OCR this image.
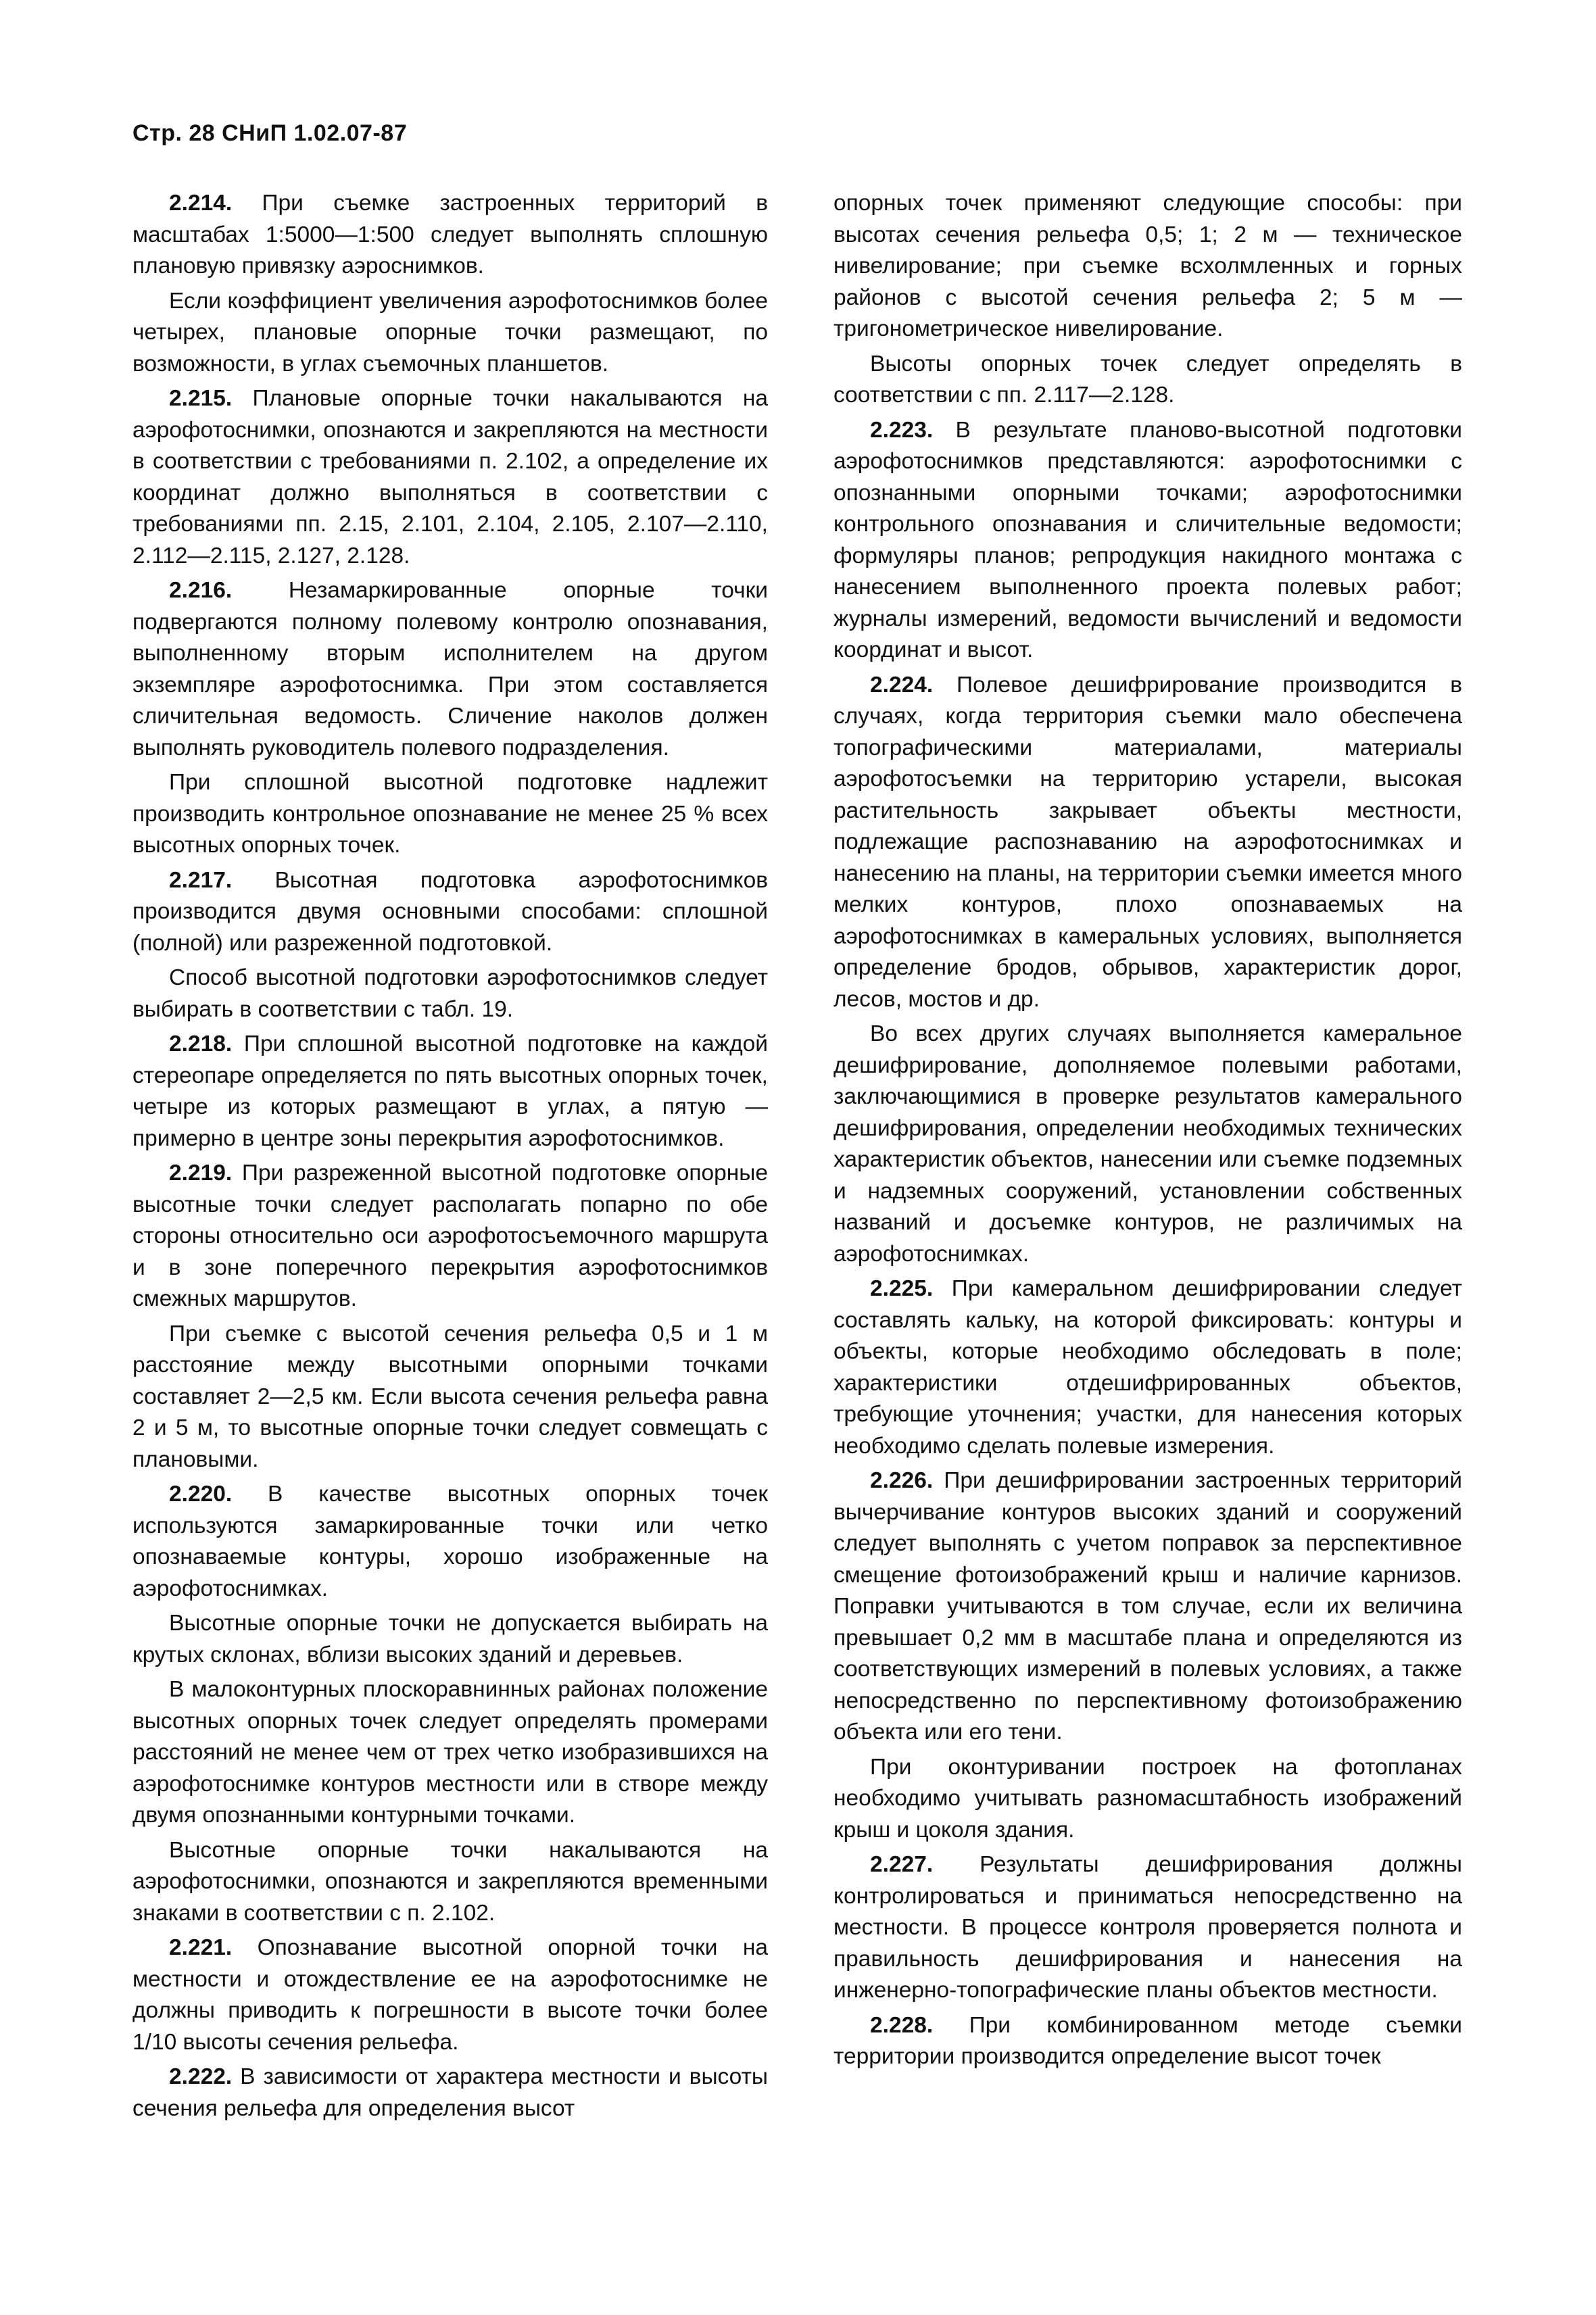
Стр. 28 СНиП 1.02.07-87

2.214. При съемке застроенных территорий в масштабах 1:5000—1:500 следует выполнять сплошную плановую привязку аэроснимков.

Если коэффициент увеличения аэрофотоснимков более четырех, плановые опорные точки размещают, по возможности, в углах съемочных планшетов.

2.215. Плановые опорные точки накалываются на аэрофотоснимки, опознаются и закрепляются на местности в соответствии с требованиями п. 2.102, а определение их координат должно выполняться в соответствии с требованиями пп. 2.15, 2.101, 2.104, 2.105, 2.107—2.110, 2.112—2.115, 2.127, 2.128.

2.216. Незамаркированные опорные точки подвергаются полному полевому контролю опознавания, выполненному вторым исполнителем на другом экземпляре аэрофотоснимка. При этом составляется сличительная ведомость. Сличение наколов должен выполнять руководитель полевого подразделения.

При сплошной высотной подготовке надлежит производить контрольное опознавание не менее 25 % всех высотных опорных точек.

2.217. Высотная подготовка аэрофотоснимков производится двумя основными способами: сплошной (полной) или разреженной подготовкой.

Способ высотной подготовки аэрофотоснимков следует выбирать в соответствии с табл. 19.

2.218. При сплошной высотной подготовке на каждой стереопаре определяется по пять высотных опорных точек, четыре из которых размещают в углах, а пятую — примерно в центре зоны перекрытия аэрофотоснимков.

2.219. При разреженной высотной подготовке опорные высотные точки следует располагать попарно по обе стороны относительно оси аэрофотосъемочного маршрута и в зоне поперечного перекрытия аэрофотоснимков смежных маршрутов.

При съемке с высотой сечения рельефа 0,5 и 1 м расстояние между высотными опорными точками составляет 2—2,5 км. Если высота сечения рельефа равна 2 и 5 м, то высотные опорные точки следует совмещать с плановыми.

2.220. В качестве высотных опорных точек используются замаркированные точки или четко опознаваемые контуры, хорошо изображенные на аэрофотоснимках.

Высотные опорные точки не допускается выбирать на крутых склонах, вблизи высоких зданий и деревьев.

В малоконтурных плоскоравнинных районах положение высотных опорных точек следует определять промерами расстояний не менее чем от трех четко изобразившихся на аэрофотоснимке контуров местности или в створе между двумя опознанными контурными точками.

Высотные опорные точки накалываются на аэрофотоснимки, опознаются и закрепляются временными знаками в соответствии с п. 2.102.

2.221. Опознавание высотной опорной точки на местности и отождествление ее на аэрофотоснимке не должны приводить к погрешности в высоте точки более 1/10 высоты сечения рельефа.

2.222. В зависимости от характера местности и высоты сечения рельефа для определения высот

опорных точек применяют следующие способы: при высотах сечения рельефа 0,5; 1; 2 м — техническое нивелирование; при съемке всхолмленных и горных районов с высотой сечения рельефа 2; 5 м — тригонометрическое нивелирование.

Высоты опорных точек следует определять в соответствии с пп. 2.117—2.128.

2.223. В результате планово-высотной подготовки аэрофотоснимков представляются: аэрофотоснимки с опознанными опорными точками; аэрофотоснимки контрольного опознавания и сличительные ведомости; формуляры планов; репродукция накидного монтажа с нанесением выполненного проекта полевых работ; журналы измерений, ведомости вычислений и ведомости координат и высот.

2.224. Полевое дешифрирование производится в случаях, когда территория съемки мало обеспечена топографическими материалами, материалы аэрофотосъемки на территорию устарели, высокая растительность закрывает объекты местности, подлежащие распознаванию на аэрофотоснимках и нанесению на планы, на территории съемки имеется много мелких контуров, плохо опознаваемых на аэрофотоснимках в камеральных условиях, выполняется определение бродов, обрывов, характеристик дорог, лесов, мостов и др.

Во всех других случаях выполняется камеральное дешифрирование, дополняемое полевыми работами, заключающимися в проверке результатов камерального дешифрирования, определении необходимых технических характеристик объектов, нанесении или съемке подземных и надземных сооружений, установлении собственных названий и досъемке контуров, не различимых на аэрофотоснимках.

2.225. При камеральном дешифрировании следует составлять кальку, на которой фиксировать: контуры и объекты, которые необходимо обследовать в поле; характеристики отдешифрированных объектов, требующие уточнения; участки, для нанесения которых необходимо сделать полевые измерения.

2.226. При дешифрировании застроенных территорий вычерчивание контуров высоких зданий и сооружений следует выполнять с учетом поправок за перспективное смещение фотоизображений крыш и наличие карнизов. Поправки учитываются в том случае, если их величина превышает 0,2 мм в масштабе плана и определяются из соответствующих измерений в полевых условиях, а также непосредственно по перспективному фотоизображению объекта или его тени.

При оконтуривании построек на фотопланах необходимо учитывать разномасштабность изображений крыш и цоколя здания.

2.227. Результаты дешифрирования должны контролироваться и приниматься непосредственно на местности. В процессе контроля проверяется полнота и правильность дешифрирования и нанесения на инженерно-топографические планы объектов местности.

2.228. При комбинированном методе съемки территории производится определение высот точек
